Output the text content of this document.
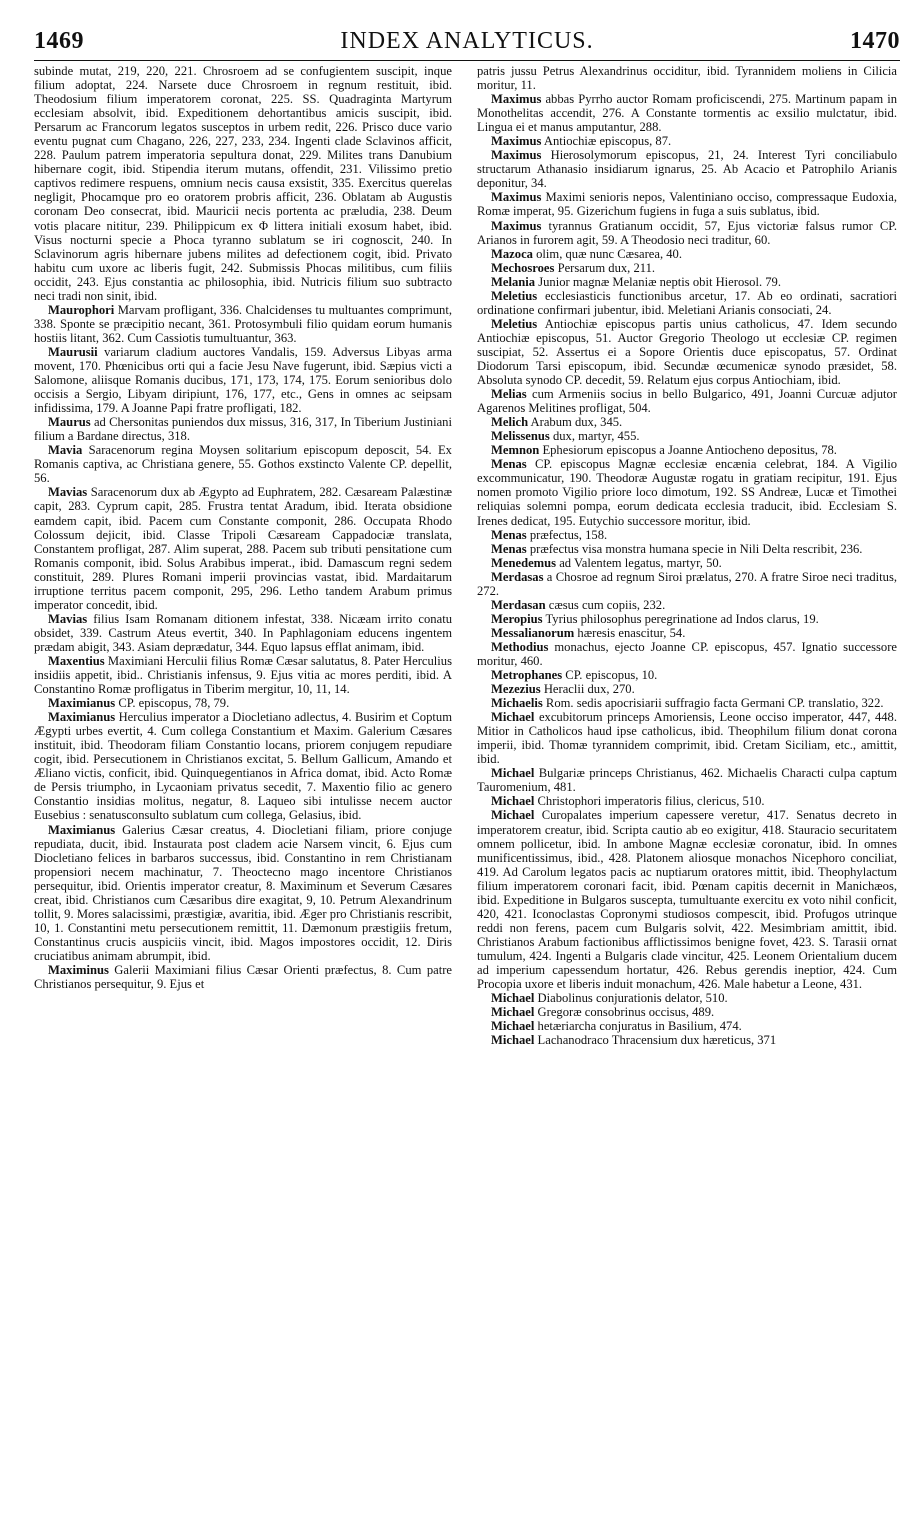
1469	INDEX ANALYTICUS.	1470

subinde mutat, 219, 220, 221. Chrosroem ad se confugientem suscipit, inque filium adoptat, 224. Narsete duce Chrosroem in regnum restituit, ibid. Theodosium filium imperatorem coronat, 225. SS. Quadraginta Martyrum ecclesiam absolvit, ibid. Expeditionem dehortantibus amicis suscipit, ibid. Persarum ac Francorum legatos susceptos in urbem redit, 226. Prisco duce vario eventu pugnat cum Chagano, 226, 227, 233, 234. Ingenti clade Sclavinos afficit, 228. Paulum patrem imperatoria sepultura donat, 229. Milites trans Danubium hibernare cogit, ibid. Stipendia iterum mutans, offendit, 231. Vilissimo pretio captivos redimere respuens, omnium necis causa exsistit, 335. Exercitus querelas negligit, Phocamque pro eo oratorem probris afficit, 236. Oblatam ab Augustis coronam Deo consecrat, ibid. Mauricii necis portenta ac præludia, 238. Deum votis placare nititur, 239. Philippicum ex Φ littera initiali exosum habet, ibid. Visus nocturni specie a Phoca tyranno sublatum se iri cognoscit, 240. In Sclavinorum agris hibernare jubens milites ad defectionem cogit, ibid. Privato habitu cum uxore ac liberis fugit, 242. Submissis Phocas militibus, cum filiis occidit, 243. Ejus constantia ac philosophia, ibid. Nutricis filium suo subtracto neci tradi non sinit, ibid.

Maurophori Marvam profligant, 336. Chalcidenses tu multuantes comprimunt, 338. Sponte se præcipitio necant, 361. Protosymbuli filio quidam eorum humanis hostiis litant, 362. Cum Cassiotis tumultuantur, 363.

Maurusii variarum cladium auctores Vandalis, 159. Adversus Libyas arma movent, 170. Phœnicibus orti qui a facie Jesu Nave fugerunt, ibid. Sæpius victi a Salomone, aliisque Romanis ducibus, 171, 173, 174, 175. Eorum senioribus dolo occisis a Sergio, Libyam diripiunt, 176, 177, etc., Gens in omnes ac seipsam infidissima, 179. A Joanne Papi fratre profligati, 182.

Maurus ad Chersonitas puniendos dux missus, 316, 317, In Tiberium Justiniani filium a Bardane directus, 318.

Mavia Saracenorum regina Moysen solitarium episcopum deposcit, 54. Ex Romanis captiva, ac Christiana genere, 55. Gothos exstincto Valente CP. depellit, 56.

Mavias Saracenorum dux ab Ægypto ad Euphratem, 282. Cæsaream Palæstinæ capit, 283. Cyprum capit, 285. Frustra tentat Aradum, ibid. Iterata obsidione eamdem capit, ibid. Pacem cum Constante componit, 286. Occupata Rhodo Colossum dejicit, ibid. Classe Tripoli Cæsaream Cappadociæ translata, Constantem profligat, 287. Alim superat, 288. Pacem sub tributi pensitatione cum Romanis componit, ibid. Solus Arabibus imperat., ibid. Damascum regni sedem constituit, 289. Plures Romani imperii provincias vastat, ibid. Mardaitarum irruptione territus pacem componit, 295, 296. Letho tandem Arabum primus imperator concedit, ibid.

Mavias filius Isam Romanam ditionem infestat, 338. Nicæam irrito conatu obsidet, 339. Castrum Ateus evertit, 340. In Paphlagoniam educens ingentem prædam abigit, 343. Asiam deprædatur, 344. Equo lapsus efflat animam, ibid.

Maxentius Maximiani Herculii filius Romæ Cæsar salutatus, 8. Pater Herculius insidiis appetit, ibid.. Christianis infensus, 9. Ejus vitia ac mores perditi, ibid. A Constantino Romæ profligatus in Tiberim mergitur, 10, 11, 14.

Maximianus CP. episcopus, 78, 79.

Maximianus Herculius imperator a Diocletiano adlectus, 4. Busirim et Coptum Ægypti urbes evertit, 4. Cum collega Constantium et Maxim. Galerium Cæsares instituit, ibid. Theodoram filiam Constantio locans, priorem conjugem repudiare cogit, ibid. Persecutionem in Christianos excitat, 5. Bellum Gallicum, Amando et Æliano victis, conficit, ibid. Quinquegentianos in Africa domat, ibid. Acto Romæ de Persis triumpho, in Lycaoniam privatus secedit, 7. Maxentio filio ac genero Constantio insidias molitus, negatur, 8. Laqueo sibi intulisse necem auctor Eusebius : senatusconsulto sublatum cum collega, Gelasius, ibid.

Maximianus Galerius Cæsar creatus, 4. Diocletiani filiam, priore conjuge repudiata, ducit, ibid. Instaurata post cladem acie Narsem vincit, 6. Ejus cum Diocletiano felices in barbaros successus, ibid. Constantino in rem Christianam propensiori necem machinatur, 7. Theoctecno mago incentore Christianos persequitur, ibid. Orientis imperator creatur, 8. Maximinum et Severum Cæsares creat, ibid. Christianos cum Cæsaribus dire exagitat, 9, 10. Petrum Alexandrinum tollit, 9. Mores salacissimi, præstigiæ, avaritia, ibid. Æger pro Christianis rescribit, 10, 1. Constantini metu persecutionem remittit, 11. Dæmonum præstigiis fretum, Constantinus crucis auspiciis vincit, ibid. Magos impostores occidit, 12. Diris cruciatibus animam abrumpit, ibid.

Maximinus Galerii Maximiani filius Cæsar Orienti præfectus, 8. Cum patre Christianos persequitur, 9. Ejus et

patris jussu Petrus Alexandrinus occiditur, ibid. Tyrannidem moliens in Cilicia moritur, 11.

Maximus abbas Pyrrho auctor Romam proficiscendi, 275. Martinum papam in Monothelitas accendit, 276. A Constante tormentis ac exsilio mulctatur, ibid. Lingua ei et manus amputantur, 288.

Maximus Antiochiæ episcopus, 87.

Maximus Hierosolymorum episcopus, 21, 24. Interest Tyri conciliabulo structarum Athanasio insidiarum ignarus, 25. Ab Acacio et Patrophilo Arianis deponitur, 34.

Maximus Maximi senioris nepos, Valentiniano occiso, compressaque Eudoxia, Romæ imperat, 95. Gizerichum fugiens in fuga a suis sublatus, ibid.

Maximus tyrannus Gratianum occidit, 57, Ejus victoriæ falsus rumor CP. Arianos in furorem agit, 59. A Theodosio neci traditur, 60.

Mazoca olim, quæ nunc Cæsarea, 40.

Mechosroes Persarum dux, 211.

Melania Junior magnæ Melaniæ neptis obit Hierosol. 79.

Meletius ecclesiasticis functionibus arcetur, 17. Ab eo ordinati, sacratiori ordinatione confirmari jubentur, ibid. Meletiani Arianis consociati, 24.

Meletius Antiochiæ episcopus partis unius catholicus, 47. Idem secundo Antiochiæ episcopus, 51. Auctor Gregorio Theologo ut ecclesiæ CP. regimen suscipiat, 52. Assertus ei a Sopore Orientis duce episcopatus, 57. Ordinat Diodorum Tarsi episcopum, ibid. Secundæ œcumenicæ synodo præsidet, 58. Absoluta synodo CP. decedit, 59. Relatum ejus corpus Antiochiam, ibid.

Melias cum Armeniis socius in bello Bulgarico, 491, Joanni Curcuæ adjutor Agarenos Melitines profligat, 504.

Melich Arabum dux, 345.

Melissenus dux, martyr, 455.

Memnon Ephesiorum episcopus a Joanne Antiocheno depositus, 78.

Menas CP. episcopus Magnæ ecclesiæ encænia celebrat, 184. A Vigilio excommunicatur, 190. Theodoræ Augustæ rogatu in gratiam recipitur, 191. Ejus nomen promoto Vigilio priore loco dimotum, 192. SS Andreæ, Lucæ et Timothei reliquias solemni pompa, eorum dedicata ecclesia traducit, ibid. Ecclesiam S. Irenes dedicat, 195. Eutychio successore moritur, ibid.

Menas præfectus, 158.

Menas præfectus visa monstra humana specie in Nili Delta rescribit, 236.

Menedemus ad Valentem legatus, martyr, 50.

Merdasas a Chosroe ad regnum Siroi prælatus, 270. A fratre Siroe neci traditus, 272.

Merdasan cæsus cum copiis, 232.

Meropius Tyrius philosophus peregrinatione ad Indos clarus, 19.

Messalianorum hæresis enascitur, 54.

Methodius monachus, ejecto Joanne CP. episcopus, 457. Ignatio successore moritur, 460.

Metrophanes CP. episcopus, 10.

Mezezius Heraclii dux, 270.

Michaelis Rom. sedis apocrisiarii suffragio facta Germani CP. translatio, 322.

Michael excubitorum princeps Amoriensis, Leone occiso imperator, 447, 448. Mitior in Catholicos haud ipse catholicus, ibid. Theophilum filium donat corona imperii, ibid. Thomæ tyrannidem comprimit, ibid. Cretam Siciliam, etc., amittit, ibid.

Michael Bulgariæ princeps Christianus, 462. Michaelis Characti culpa captum Tauromenium, 481.

Michael Christophori imperatoris filius, clericus, 510.

Michael Curopalates imperium capessere veretur, 417. Senatus decreto in imperatorem creatur, ibid. Scripta cautio ab eo exigitur, 418. Stauracio securitatem omnem pollicetur, ibid. In ambone Magnæ ecclesiæ coronatur, ibid. In omnes munificentissimus, ibid., 428. Platonem aliosque monachos Nicephoro conciliat, 419. Ad Carolum legatos pacis ac nuptiarum oratores mittit, ibid. Theophylactum filium imperatorem coronari facit, ibid. Pœnam capitis decernit in Manichæos, ibid. Expeditione in Bulgaros suscepta, tumultuante exercitu ex voto nihil conficit, 420, 421. Iconoclastas Copronymi studiosos compescit, ibid. Profugos utrinque reddi non ferens, pacem cum Bulgaris solvit, 422. Mesimbriam amittit, ibid. Christianos Arabum factionibus afflictissimos benigne fovet, 423. S. Tarasii ornat tumulum, 424. Ingenti a Bulgaris clade vincitur, 425. Leonem Orientalium ducem ad imperium capessendum hortatur, 426. Rebus gerendis ineptior, 424. Cum Procopia uxore et liberis induit monachum, 426. Male habetur a Leone, 431.

Michael Diabolinus conjurationis delator, 510.

Michael Gregoræ consobrinus occisus, 489.

Michael hetæriarcha conjuratus in Basilium, 474.

Michael Lachanodraco Thracensium dux hæreticus, 371
